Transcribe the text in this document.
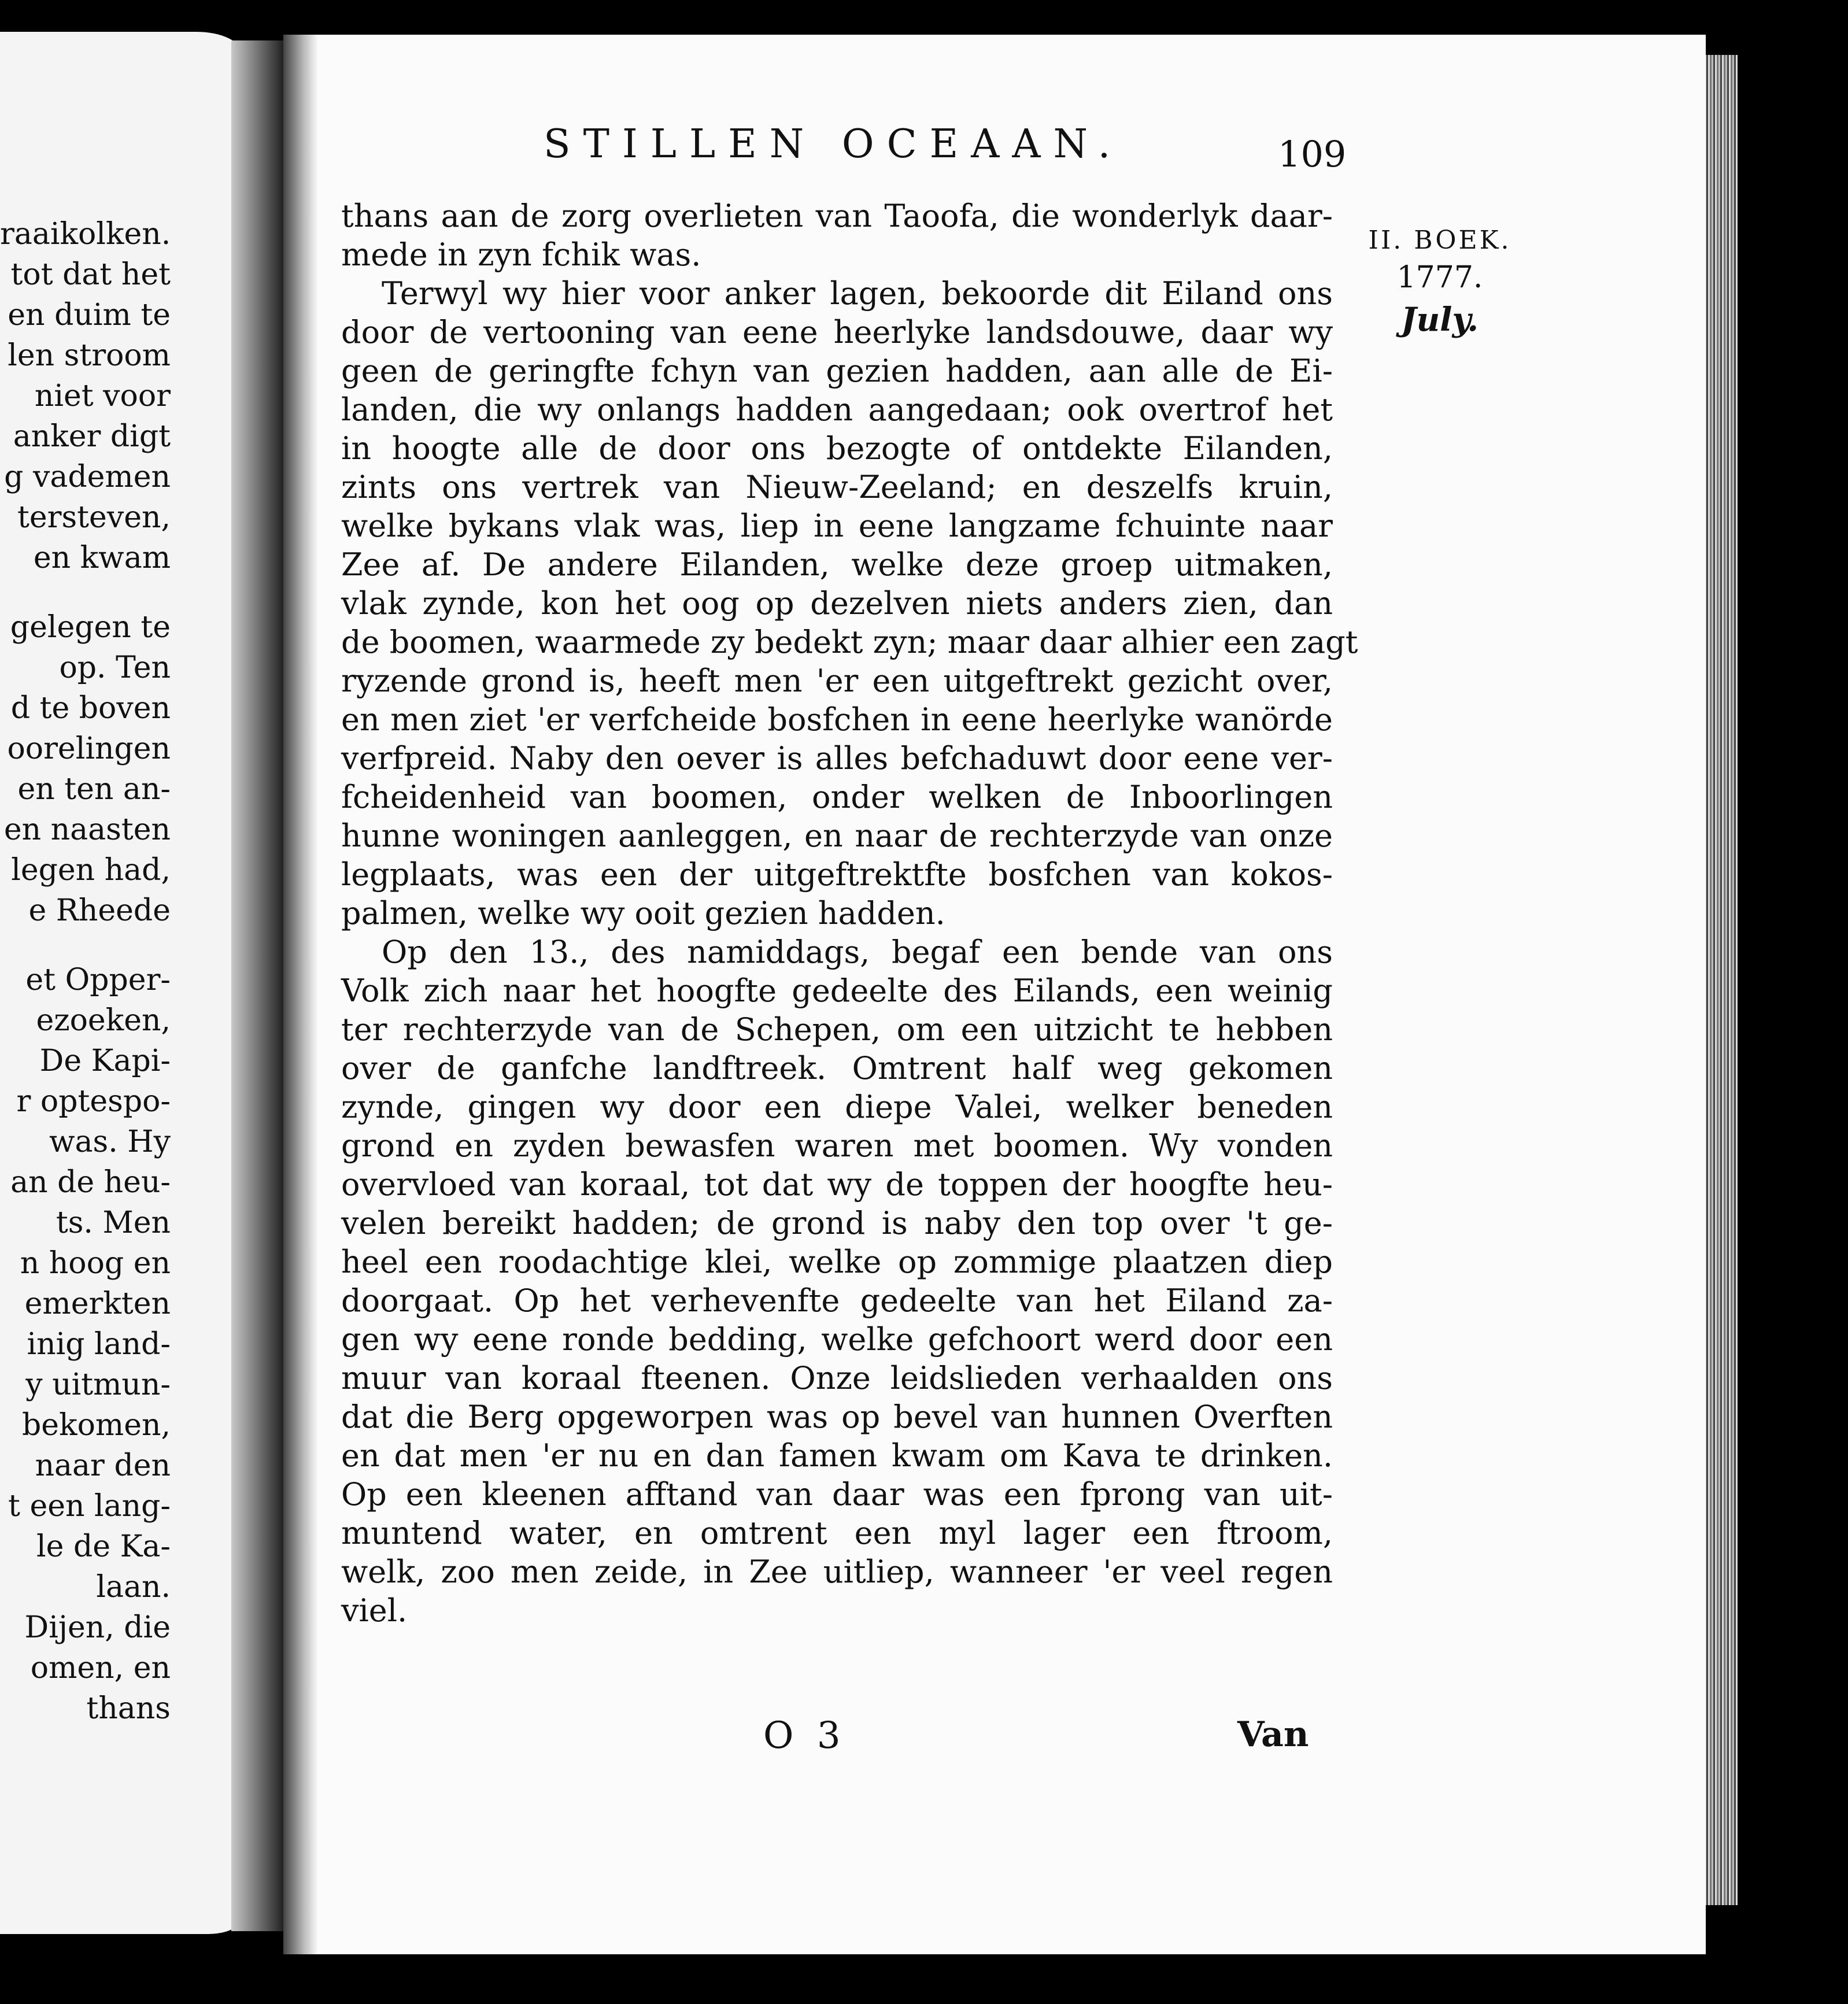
raaikolken.
tot dat het
en duim te
len stroom
niet voor
anker digt
g vademen
tersteven,
en kwam
gelegen te
op. Ten
d te boven
oorelingen
en ten an-
en naasten
legen had,
e Rheede
et Opper-
ezoeken,
De Kapi-
r optespo-
was. Hy
an de heu-
ts. Men
n hoog en
emerkten
inig land-
y uitmun-
bekomen,
naar den
t een lang-
le de Ka-
laan.
Dijen, die
omen, en
thans
STILLEN OCEAAN.	109
II. BOEK.
1777.
July.
thans aan de zorg overlieten van Taoofa, die wonderlyk daar-
mede in zyn fchik was.
Terwyl wy hier voor anker lagen, bekoorde dit Eiland ons
door de vertooning van eene heerlyke landsdouwe, daar wy
geen de geringfte fchyn van gezien hadden, aan alle de Ei-
landen, die wy onlangs hadden aangedaan; ook overtrof het
in hoogte alle de door ons bezogte of ontdekte Eilanden,
zints ons vertrek van Nieuw-Zeeland; en deszelfs kruin,
welke bykans vlak was, liep in eene langzame fchuinte naar
Zee af. De andere Eilanden, welke deze groep uitmaken,
vlak zynde, kon het oog op dezelven niets anders zien, dan
de boomen, waarmede zy bedekt zyn; maar daar alhier een zagt
ryzende grond is, heeft men 'er een uitgeftrekt gezicht over,
en men ziet 'er verfcheide bosfchen in eene heerlyke wanörde
verfpreid. Naby den oever is alles befchaduwt door eene ver-
fcheidenheid van boomen, onder welken de Inboorlingen
hunne woningen aanleggen, en naar de rechterzyde van onze
legplaats, was een der uitgeftrektfte bosfchen van kokos-
palmen, welke wy ooit gezien hadden.
Op den 13., des namiddags, begaf een bende van ons
Volk zich naar het hoogfte gedeelte des Eilands, een weinig
ter rechterzyde van de Schepen, om een uitzicht te hebben
over de ganfche landftreek. Omtrent half weg gekomen
zynde, gingen wy door een diepe Valei, welker beneden
grond en zyden bewasfen waren met boomen. Wy vonden
overvloed van koraal, tot dat wy de toppen der hoogfte heu-
velen bereikt hadden; de grond is naby den top over 't ge-
heel een roodachtige klei, welke op zommige plaatzen diep
doorgaat. Op het verhevenfte gedeelte van het Eiland za-
gen wy eene ronde bedding, welke gefchoort werd door een
muur van koraal fteenen. Onze leidslieden verhaalden ons
dat die Berg opgeworpen was op bevel van hunnen Overften
en dat men 'er nu en dan famen kwam om Kava te drinken.
Op een kleenen afftand van daar was een fprong van uit-
muntend water, en omtrent een myl lager een ftroom,
welk, zoo men zeide, in Zee uitliep, wanneer 'er veel regen
viel.
O 3	Van
